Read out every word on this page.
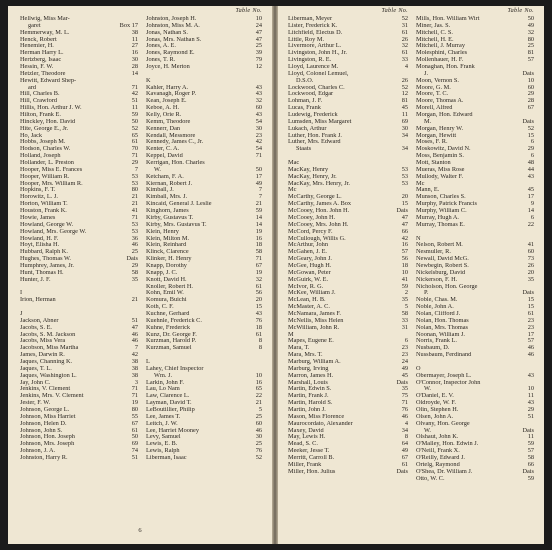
Hellwig, Miss Mar-
garet	Box 17
Hemmerway, M. L.	38
Henck, Robert	11
Henemier, H.	27
Herman Harry L.	16
Hertzberg, Isaac	30
Hessin, F. W.	28
Hetzler, Theodore	14
Hewitt, Edward Shep-
ard	71
Hill, Charles B.	42
Hill, Crawford	51
Hillis, Hon. Arthur J. W.	11
Hilton, Frank E.	59
Hinckley, Hon. David	50
Hite, George E., Jr.	52
Ho, Jack	65
Hobbs, Joseph M.	61
Hodson, Charles W.	70
Holland, Joseph	71
Hollander, L. Preston	29
Hooper, Miss E. Frances	7
Hooper, William R.	53
Hooper, Mrs. William R.	53
Hopkins, F. T.	80
Horowitz, L. J.	21
Horton, William T.	21
Houston, Frank K.	41
Howie, James	71
Howland, George W.	53
Howland, Mrs. George W.	53
Howland, H. F.	36
Hoyt, Elisha H.	46
Hubbard, Ralph K.	25
Hughes, Thomas W.	Dais
Humphrey, James, Jr.	29
Hunt, Thomas H.	58
Hunter, J. F.	35
I
Irion, Herman	21
J
Jackson, Abner	51
Jacobs, S. E.	47
Jacobs, S. M. Jackson	46
Jacobs, Miss Vera	46
Jacobson, Miss Martha	7
James, Darwin R.	42
Jaques, Channing K.	38
Jaques, T. L.	38
Jaques, Washington L.	38
Jay, John C.	3
Jenkins, V. Clement	71
Jenkins, Mrs. V. Clement	71
Jester, F. W.	19
Johnson, George L.	80
Johnson, Miss Harriet	55
Johnson, Helen D.	67
Johnson, John S.	61
Johnson, Hon. Joseph	50
Johnson, Mrs. Joseph	69
Johnson, J. A.	74
Johnston, Harry R.	51
Table No.
Johnston, Joseph H.	10
Johnston, Miss M. A.	24
Jonas, Nathan S.	47
Jonas, Mrs. Nathan S.	47
Jones, A. E.	25
Jones, Raymond E.	39
Jones, T. R.	79
Joyce, H. Merton	12
K
Kahler, Harry A.	43
Kavanagh, Roger P.	43
Kean, Joseph E.	32
Keboe, A. H.	60
Kelly, Orie R.	43
Kemm, Theodore	54
Kennerr, Dan	30
Kendall, Messmore	23
Kennedy, James C., Jr.	42
Kenter, C. A.	54
Keppel, David	71
Kerrigan, Hon. Charles
W.	50
Ketcham, F. A.	17
Kiernan, Robert J.	49
Kimball, J.	7
Kimball, Mrs. J.	7
Kincaid, General J. Leslie	21
Kinghorn, James	59
Kirby, Gustavus T.	14
Kirby, Mrs. Gustavus T.	14
Klein, Henry	19
Klein, Milton M.	16
Klein, Reinhard	18
Klinck, Clarence	58
Klinker, H. Henry	71
Knapp, Dorothy	67
Knapp, J. C.	19
Knott, David H.	32
Knoller, Robert H.	61
Kohn, Emil W.	56
Komura, Buichi	20
Koth, C. F.	15
Kuchne, Gerhard	43
Kuehnle, Frederick C.	76
Kuhne, Frederick	18
Kunz, Dr. George F.	61
Kurzman, Harold P.	8
Kurzman, Samuel	8
L
Lahey, Chief Inspector
Wm. J.	10
Larkin, John F.	16
Lau, Lo Nam	65
Law, Clarence L.	22
Layman, David T.	21
LeBoutillier, Philip	5
Lee, James T.	25
Leitch, J. W.	60
Lee, Harriet Mooney	46
Levy, Samuel	30
Lewis, E. B.	25
Lewis, Ralph	76
Liberman, Isaac	52
6
Table No.
Liberman, Meyer	52
Lister, Frederick K.	31
Litchfield, Electus D.	61
Little, Roy M.	26
Livermore, Arthur L.	32
Livingston, John H., Jr.	61
Livingston, R. E.	33
Lloyd, Laurence M.	4
Lloyd, Colonel Lemuel,
D.S.O.	26
Lockwood, Charles C.	52
Lockwood, Edgar	12
Lohman, J. F.	81
Lucas, Frank	45
Ludewig, Frederick	11
Lumsden, Miss Margaret	69
Lukach, Arthur	30
Luther, Hon. Frank J.	34
Luther, Mrs. Edward
Staats	34
Mac
MacKay, Henry	53
MacKay, Henry, Jr.	53
MacKay, Mrs. Henry, Jr.	53
Mc
McCarthy, George L.	20
McCarthy, James A. Box	15
McCooey, Hon. John H.	Dais
McCooey, John H.	47
McCooey, Mrs. John H.	47
McCord, Percy F.	66
McCullough, Willis G.	42
McArthur, John	16
McGahen, J. E.	57
McGeary, John J.	56
McGee, Hugh H.	18
McGowan, Peter	10
McGuirk, W. E.	41
McIvor, R. G.	59
McKee, William J.	2
McLean, H. B.	35
McMaster, A. C.	5
McNamara, James F.	58
McNellis, Miss Helen	33
McWilliam, John R.	31
M
Mapes, Eugene E.	6
Mara, T.	23
Mara, Mrs. T.	23
Marburg, William A.	24
Marburg, Irving	49
Marron, James H.	45
Marshall, Louis	Dais
Martin, Edwin S.	35
Martin, Frank J.	75
Martin, Harold S.	71
Martin, John J.	76
Mason, Miss Florence	46
Maurocordato, Alexander	4
Maxey, David	34
May, Lewis H.	8
Mead, S. C.	64
Meeker, Jesse T.	49
Merritt, Carroll B.	67
Miller, Frank	61
Miller, Hon. Julius	Dais
Table No.
Mills, Hon. William Wirt	50
Miner, Jas. S.	49
Mitchell, C. S.	32
Mitchell, H. E.	80
Mitchell, J. Murray	25
Molesphini, Charles	81
Mollenhauer, H. F.	57
Monaghan, Hon. Frank
J.	Dais
Moon, Vernon S.	10
Moore, G. M.	60
Moore, T. C.	29
Moore, Thomas A.	28
Morell, Alfred	67
Morgan, Hon. Edward
M.	Dais
Morgan, Henry W.	52
Morgan, Hewitt	15
Moses, F. R.	6
Moskowitz, David N.	29
Moss, Benjamin S.	6
Mott, Stanton	48
Mueras, Miss Rose	44
Mullody, Walter F.	43
Mc
Mann, E.	45
Munson, Charles S.	17
Murphy, Patrick Francis	9
Murphy, William C.	14
Murray, Hugh A.	6
Murray, Thomas E.	22
N
Nelson, Robert M.	41
Nesmuller, R.	60
Newall, David McG.	73
Newbegin, Robert S.	26
Nickelsburg, David	20
Nickerson, F. H.	35
Nicholson, Hon. George
P.	Dais
Noble, Chas. M.	15
Noble, John A.	15
Nolan, Clifford J.	61
Nolan, Hon. Thomas	23
Nolan, Mrs. Thomas	23
Noonan, William J.	17
Norris, Frank L.	57
Nusbaum, D.	46
Nussbaum, Ferdinand	46
O
Obermayer, Joseph L.	43
O'Connor, Inspector John
W.	10
O'Daniel, E. V.	11
Oldroyde, W. F.	43
Olin, Stephen H.	29
Olsen, John A.	51
Olvany, Hon. George
W.	Dais
Olshaut, John K.	11
O'Malley, Hon. Edwin J.	59
O'Neill, Frank X.	57
O'Reilly, Edward J.	58
Ortelg, Raymond	66
O'Shea, Dr. William J.	Dais
Otto, W. C.	59
